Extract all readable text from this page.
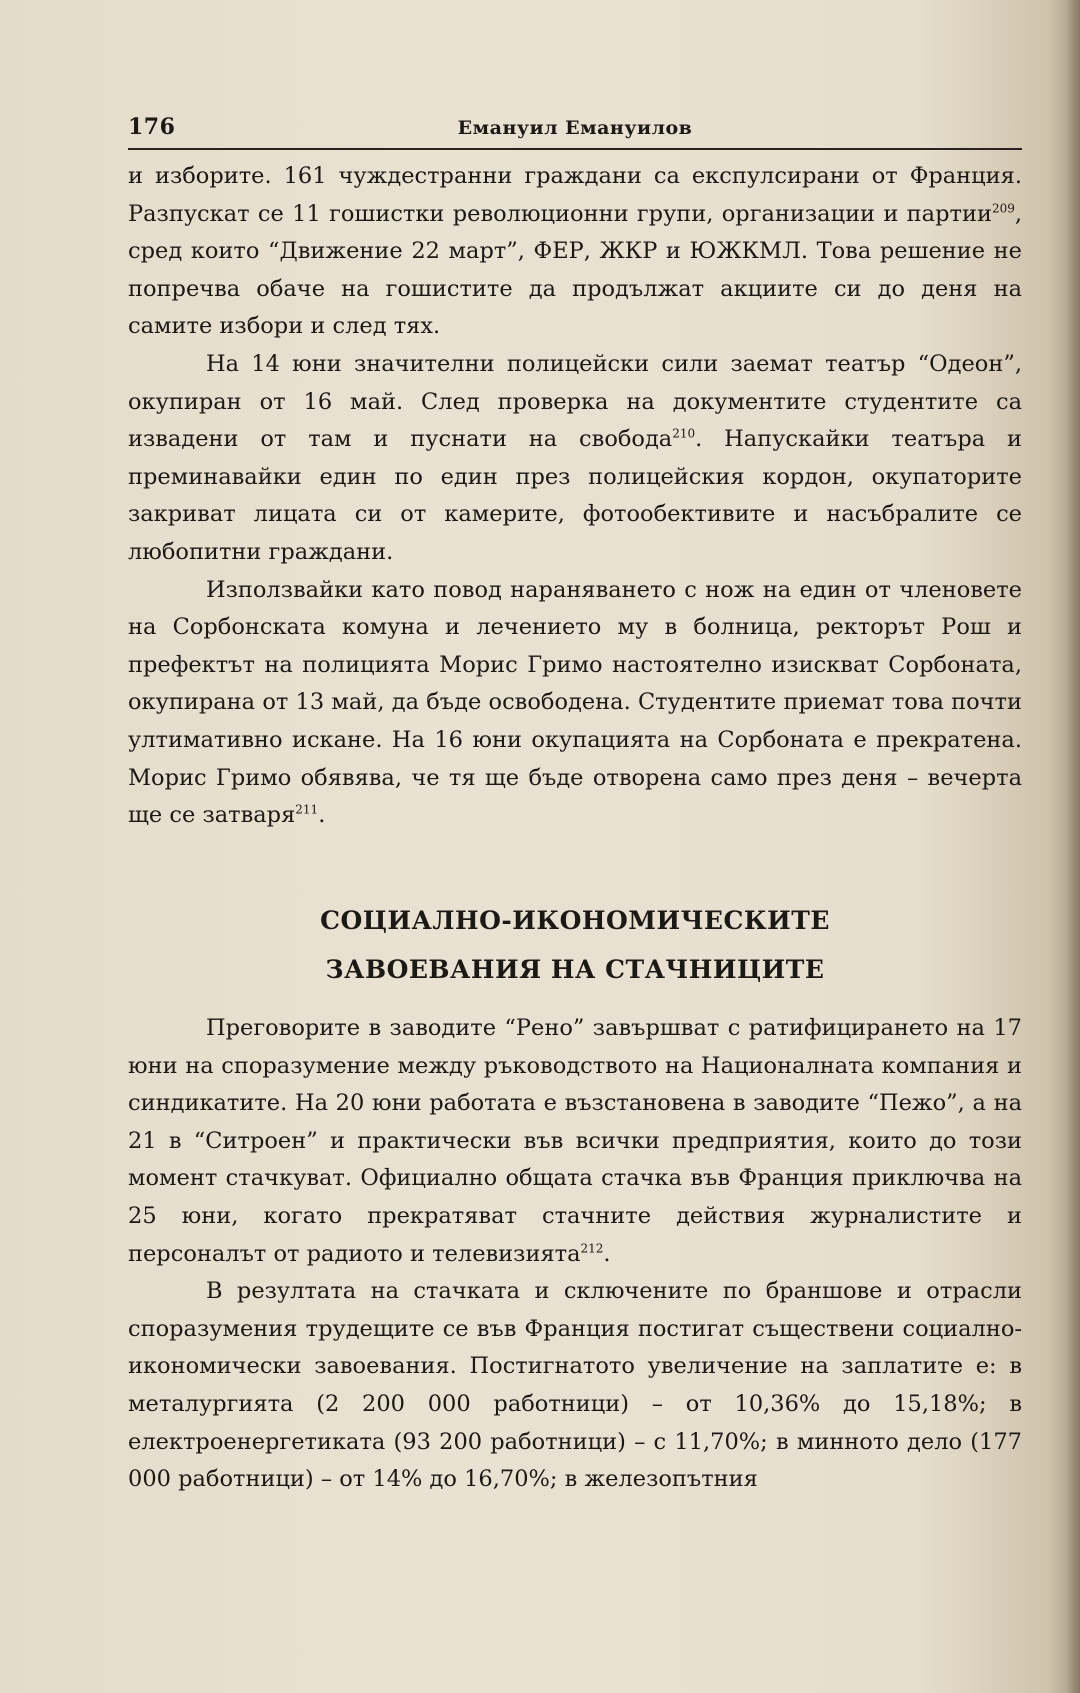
176	Емануил Емануилов

и изборите. 161 чуждестранни граждани са експулсирани от Франция. Разпускат се 11 гошистки революционни групи, организации и партии$^{209}$, сред които “Движение 22 март”, ФЕР, ЖКР и ЮЖКМЛ. Това решение не попречва обаче на гошистите да продължат акциите си до деня на самите избори и след тях.

На 14 юни значителни полицейски сили заемат театър “Одеон”, окупиран от 16 май. След проверка на документите студентите са извадени от там и пуснати на свобода$^{210}$. Напускайки театъра и преминавайки един по един през полицейския кордон, окупаторите закриват лицата си от камерите, фотообективите и насъбралите се любопитни граждани.

Използвайки като повод нараняването с нож на един от членовете на Сорбонската комуна и лечението му в болница, ректорът Рош и префектът на полицията Морис Гримо настоятелно изискват Сорбоната, окупирана от 13 май, да бъде освободена. Студентите приемат това почти ултимативно искане. На 16 юни окупацията на Сорбоната е прекратена. Морис Гримо обявява, че тя ще бъде отворена само през деня – вечерта ще се затваря$^{211}$.

СОЦИАЛНО-ИКОНОМИЧЕСКИТЕ
ЗАВОЕВАНИЯ НА СТАЧНИЦИТЕ

Преговорите в заводите “Рено” завършват с ратифицирането на 17 юни на споразумение между ръководството на Националната компания и синдикатите. На 20 юни работата е възстановена в заводите “Пежо”, а на 21 в “Ситроен” и практически във всички предприятия, които до този момент стачкуват. Официално общата стачка във Франция приключва на 25 юни, когато прекратяват стачните действия журналистите и персоналът от радиото и телевизията$^{212}$.

В резултата на стачката и сключените по браншове и отрасли споразумения трудещите се във Франция постигат съществени социално-икономически завоевания. Постигнатото увеличение на заплатите е: в металургията (2 200 000 работници) – от 10,36% до 15,18%; в електроенергетиката (93 200 работници) – с 11,70%; в минното дело (177 000 работници) – от 14% до 16,70%; в железопътния
